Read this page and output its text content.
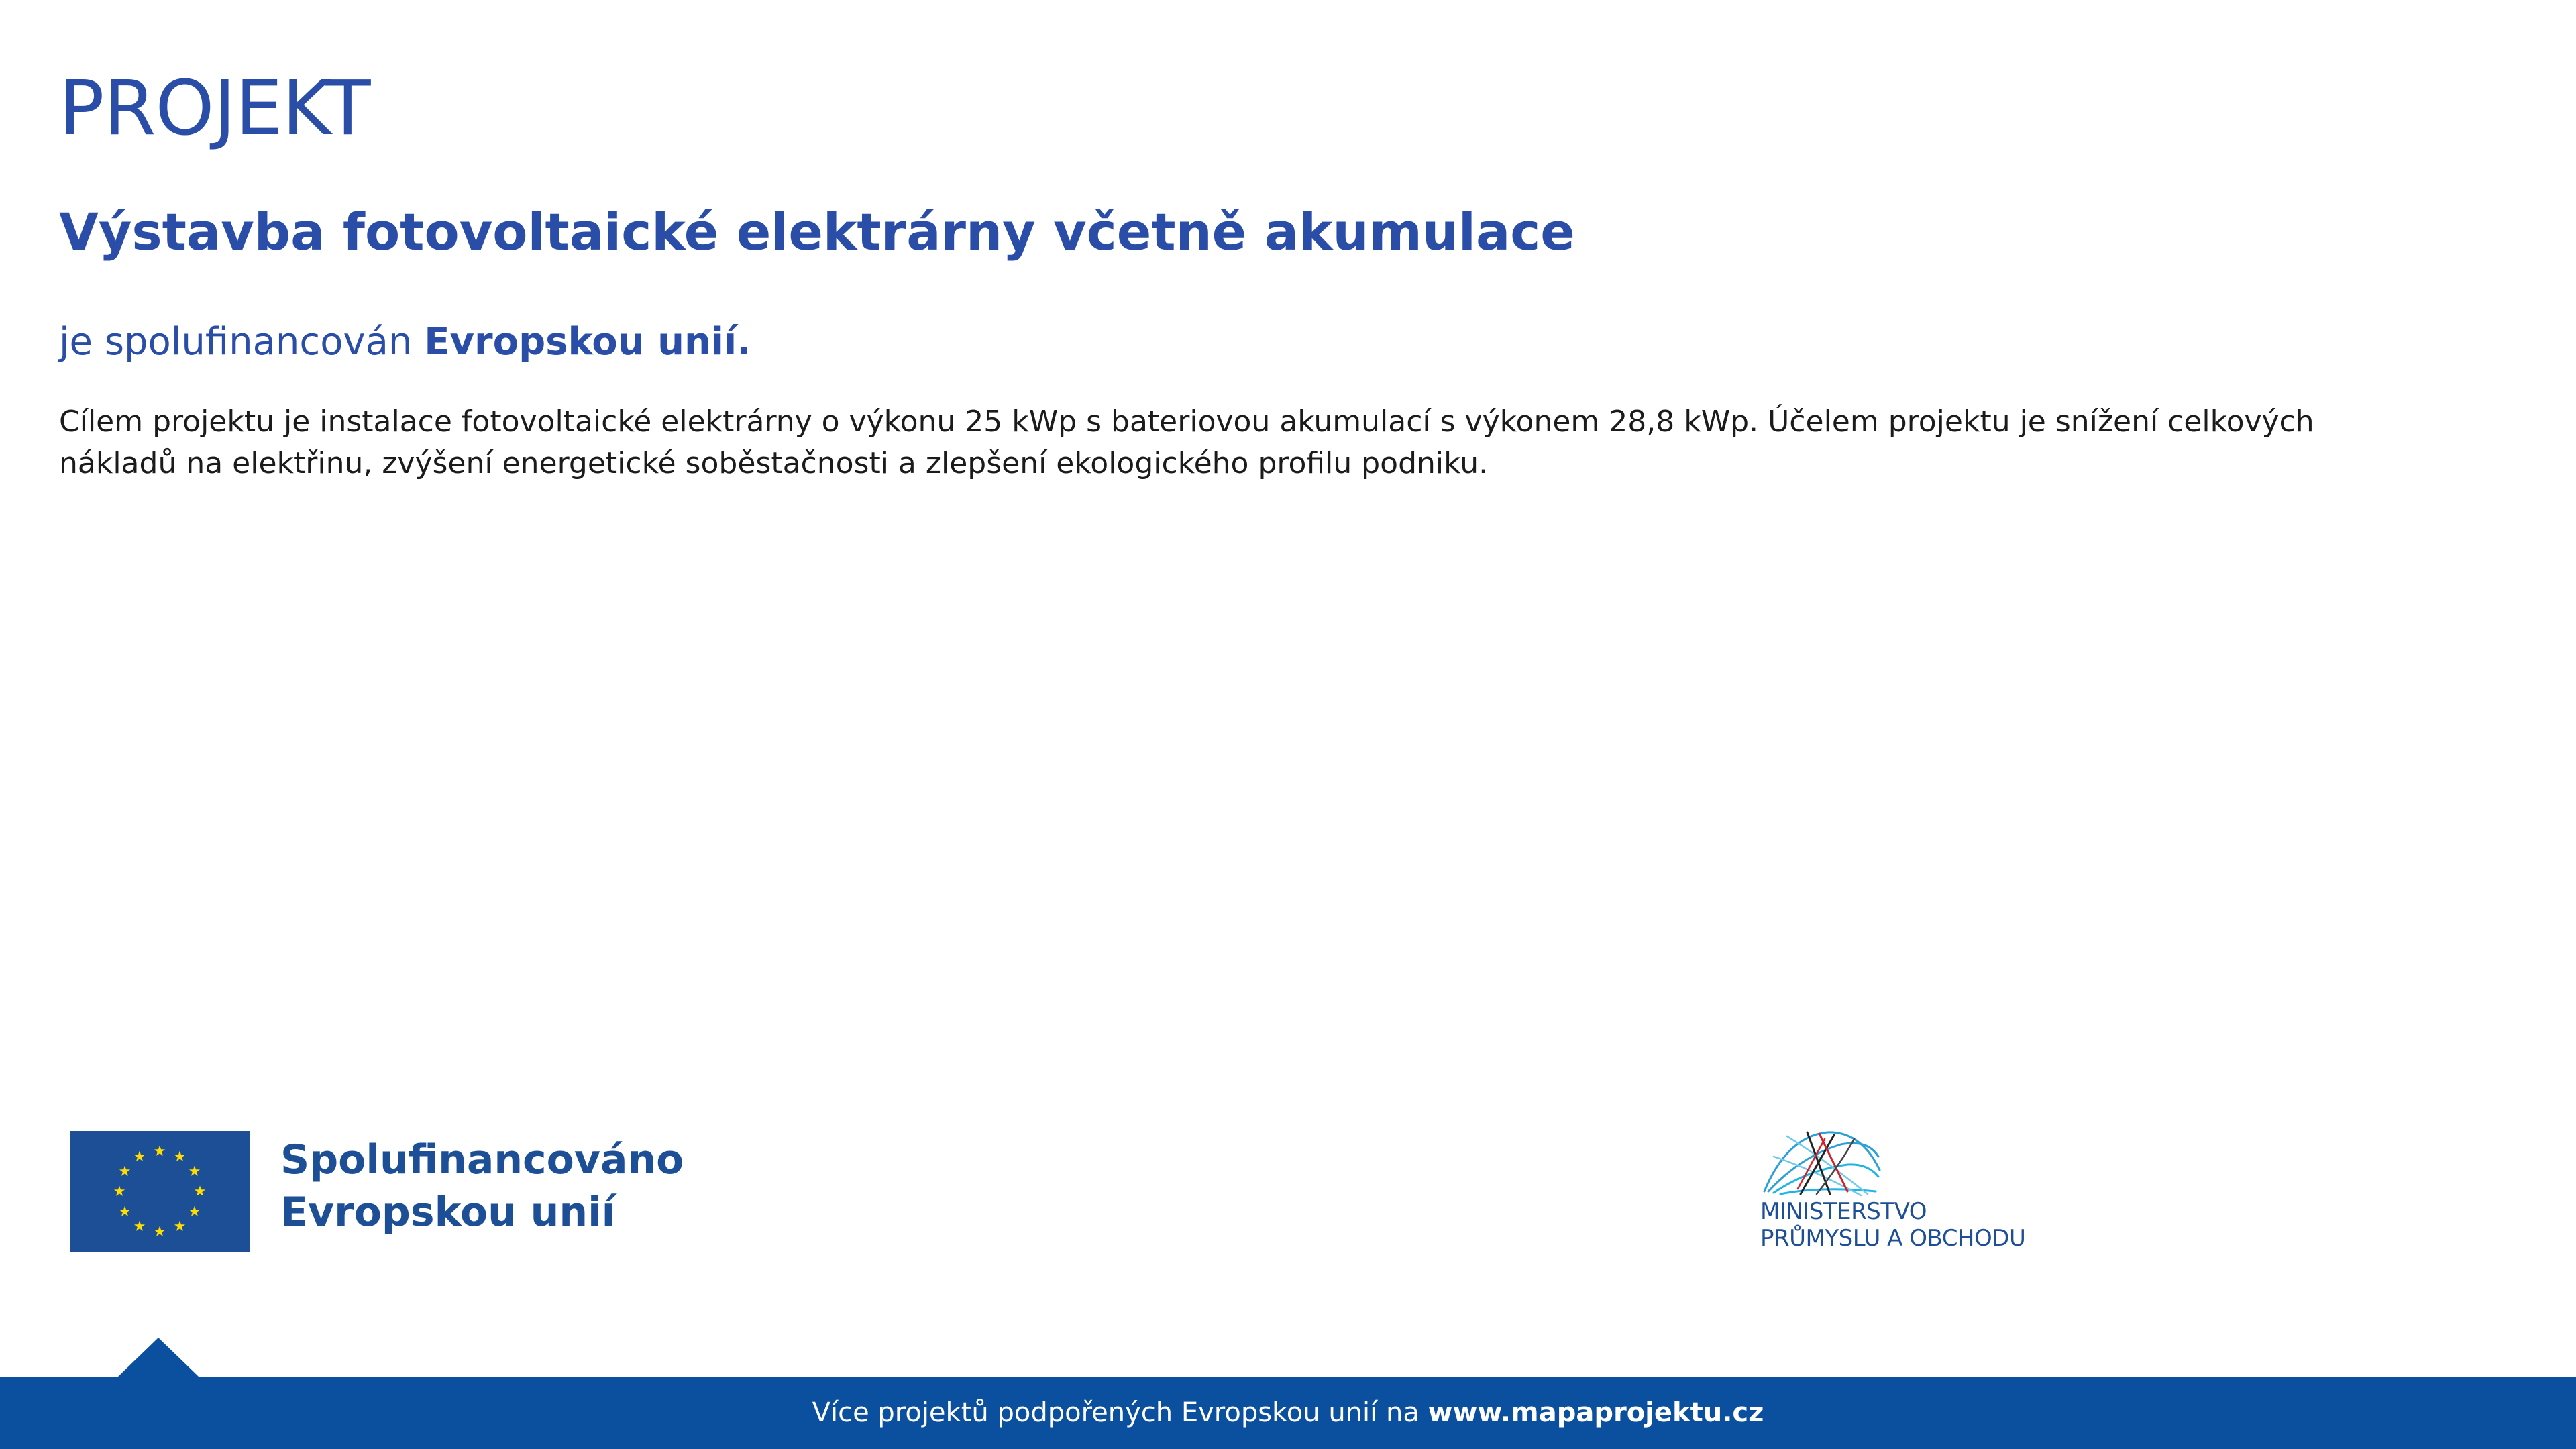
PROJEKT
Výstavba fotovoltaické elektrárny včetně akumulace

je spolufinancován Evropskou unií.

Cílem projektu je instalace fotovoltaické elektrárny o výkonu 25 kWp s bateriovou akumulací s výkonem 28,8 kWp. Účelem projektu je snížení celkových nákladů na elektřinu, zvýšení energetické soběstačnosti a zlepšení ekologického profilu podniku.

Spolufinancováno
Evropskou unií	MINISTERSTVO
PRŮMYSLU A OBCHODU
Více projektů podpořených Evropskou unií na www.mapaprojektu.cz
